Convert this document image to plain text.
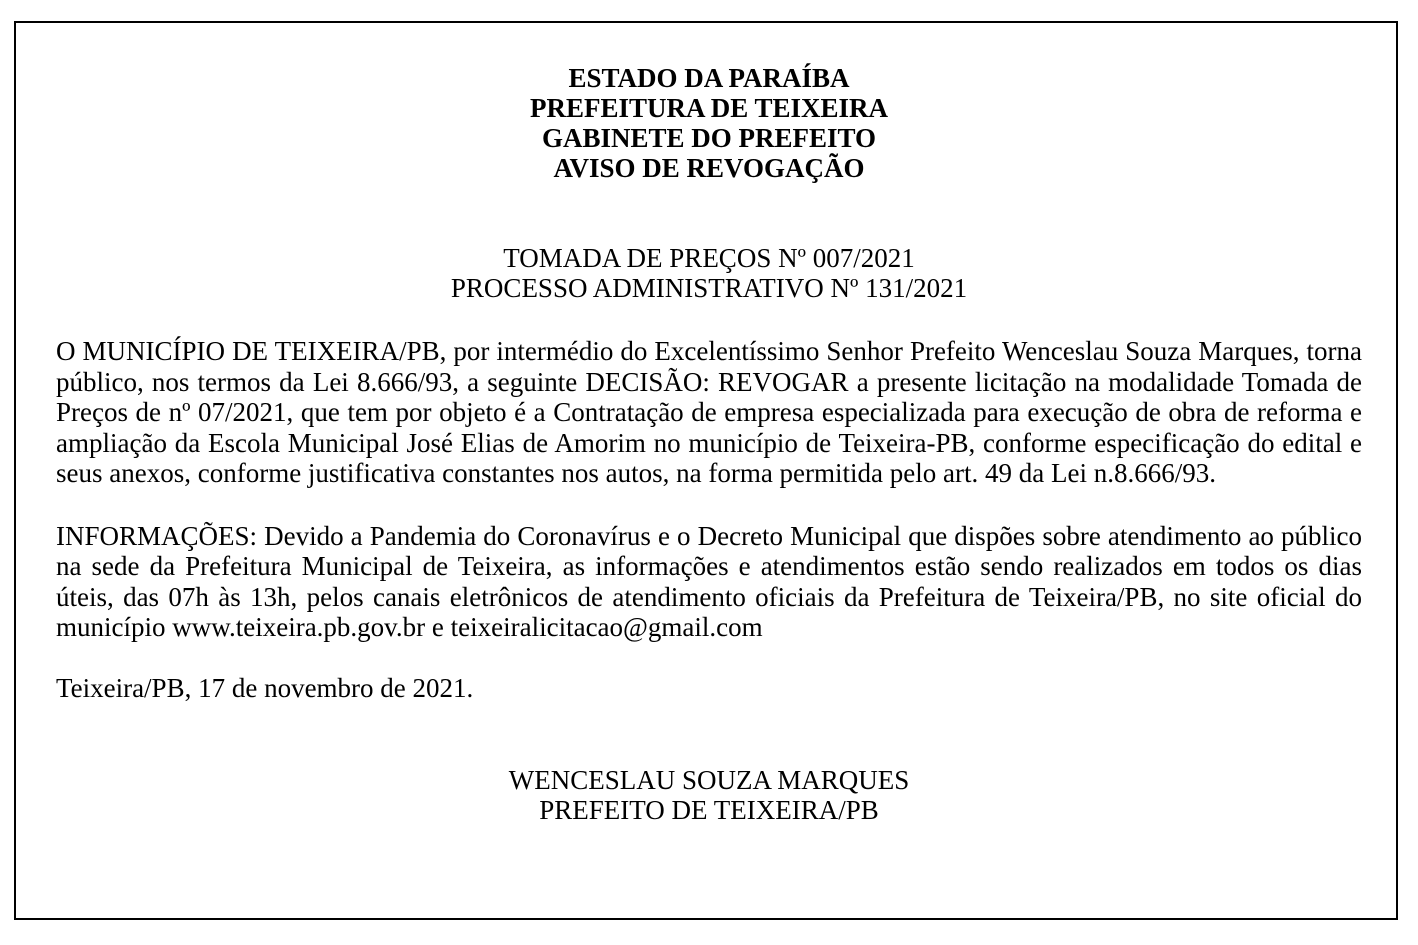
ESTADO DA PARAÍBA
PREFEITURA DE TEIXEIRA
GABINETE DO PREFEITO
AVISO DE REVOGAÇÃO
TOMADA DE PREÇOS Nº 007/2021
PROCESSO ADMINISTRATIVO Nº 131/2021

O MUNICÍPIO DE TEIXEIRA/PB, por intermédio do Excelentíssimo Senhor Prefeito Wenceslau Souza Marques, torna público, nos termos da Lei 8.666/93, a seguinte DECISÃO: REVOGAR a presente licitação na modalidade Tomada de Preços de nº 07/2021, que tem por objeto é a Contratação de empresa especializada para execução de obra de reforma e ampliação da Escola Municipal José Elias de Amorim no município de Teixeira-PB, conforme especificação do edital e seus anexos, conforme justificativa constantes nos autos, na forma permitida pelo art. 49 da Lei n.8.666/93.

INFORMAÇÕES: Devido a Pandemia do Coronavírus e o Decreto Municipal que dispões sobre atendimento ao público na sede da Prefeitura Municipal de Teixeira, as informações e atendimentos estão sendo realizados em todos os dias úteis, das 07h às 13h, pelos canais eletrônicos de atendimento oficiais da Prefeitura de Teixeira/PB, no site oficial do município www.teixeira.pb.gov.br e teixeiralicitacao@gmail.com

Teixeira/PB, 17 de novembro de 2021.
WENCESLAU SOUZA MARQUES
PREFEITO DE TEIXEIRA/PB
